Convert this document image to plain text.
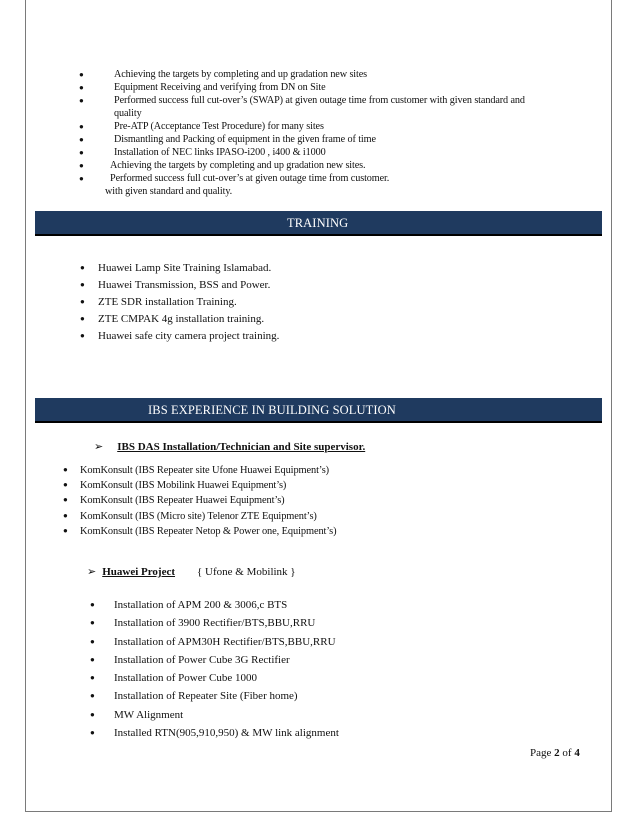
●	Achieving the targets by completing and up gradation new sites
●	Equipment Receiving and verifying from DN on Site
●	Performed success full cut-over’s (SWAP) at given outage time from customer with given standard and
quality
●	Pre-ATP (Acceptance Test Procedure) for many sites
●	Dismantling and Packing of equipment in the given frame of time
●	Installation of NEC links IPASO-i200 , i400 & i1000
●	Achieving the targets by completing and up gradation new sites.
●	Performed success full cut-over’s at given outage time from customer.
with given standard and quality.
TRAINING
● Huawei Lamp Site Training Islamabad.
● Huawei Transmission, BSS and Power.
● ZTE SDR installation Training.
● ZTE CMPAK 4g installation training.
● Huawei safe city camera project training.
IBS EXPERIENCE IN BUILDING SOLUTION
➢ IBS DAS Installation/Technician and Site supervisor.
● KomKonsult (IBS Repeater site Ufone Huawei Equipment’s)
● KomKonsult (IBS Mobilink Huawei Equipment’s)
● KomKonsult (IBS Repeater Huawei Equipment’s)
● KomKonsult (IBS (Micro site) Telenor ZTE Equipment’s)
● KomKonsult (IBS Repeater Netop & Power one, Equipment’s)
➢ Huawei Project { Ufone & Mobilink }
● Installation of APM 200 & 3006,c BTS
● Installation of 3900 Rectifier/BTS,BBU,RRU
● Installation of APM30H Rectifier/BTS,BBU,RRU
● Installation of Power Cube 3G Rectifier
● Installation of Power Cube 1000
● Installation of Repeater Site (Fiber home)
● MW Alignment
● Installed RTN(905,910,950) & MW link alignment
Page 2 of 4
